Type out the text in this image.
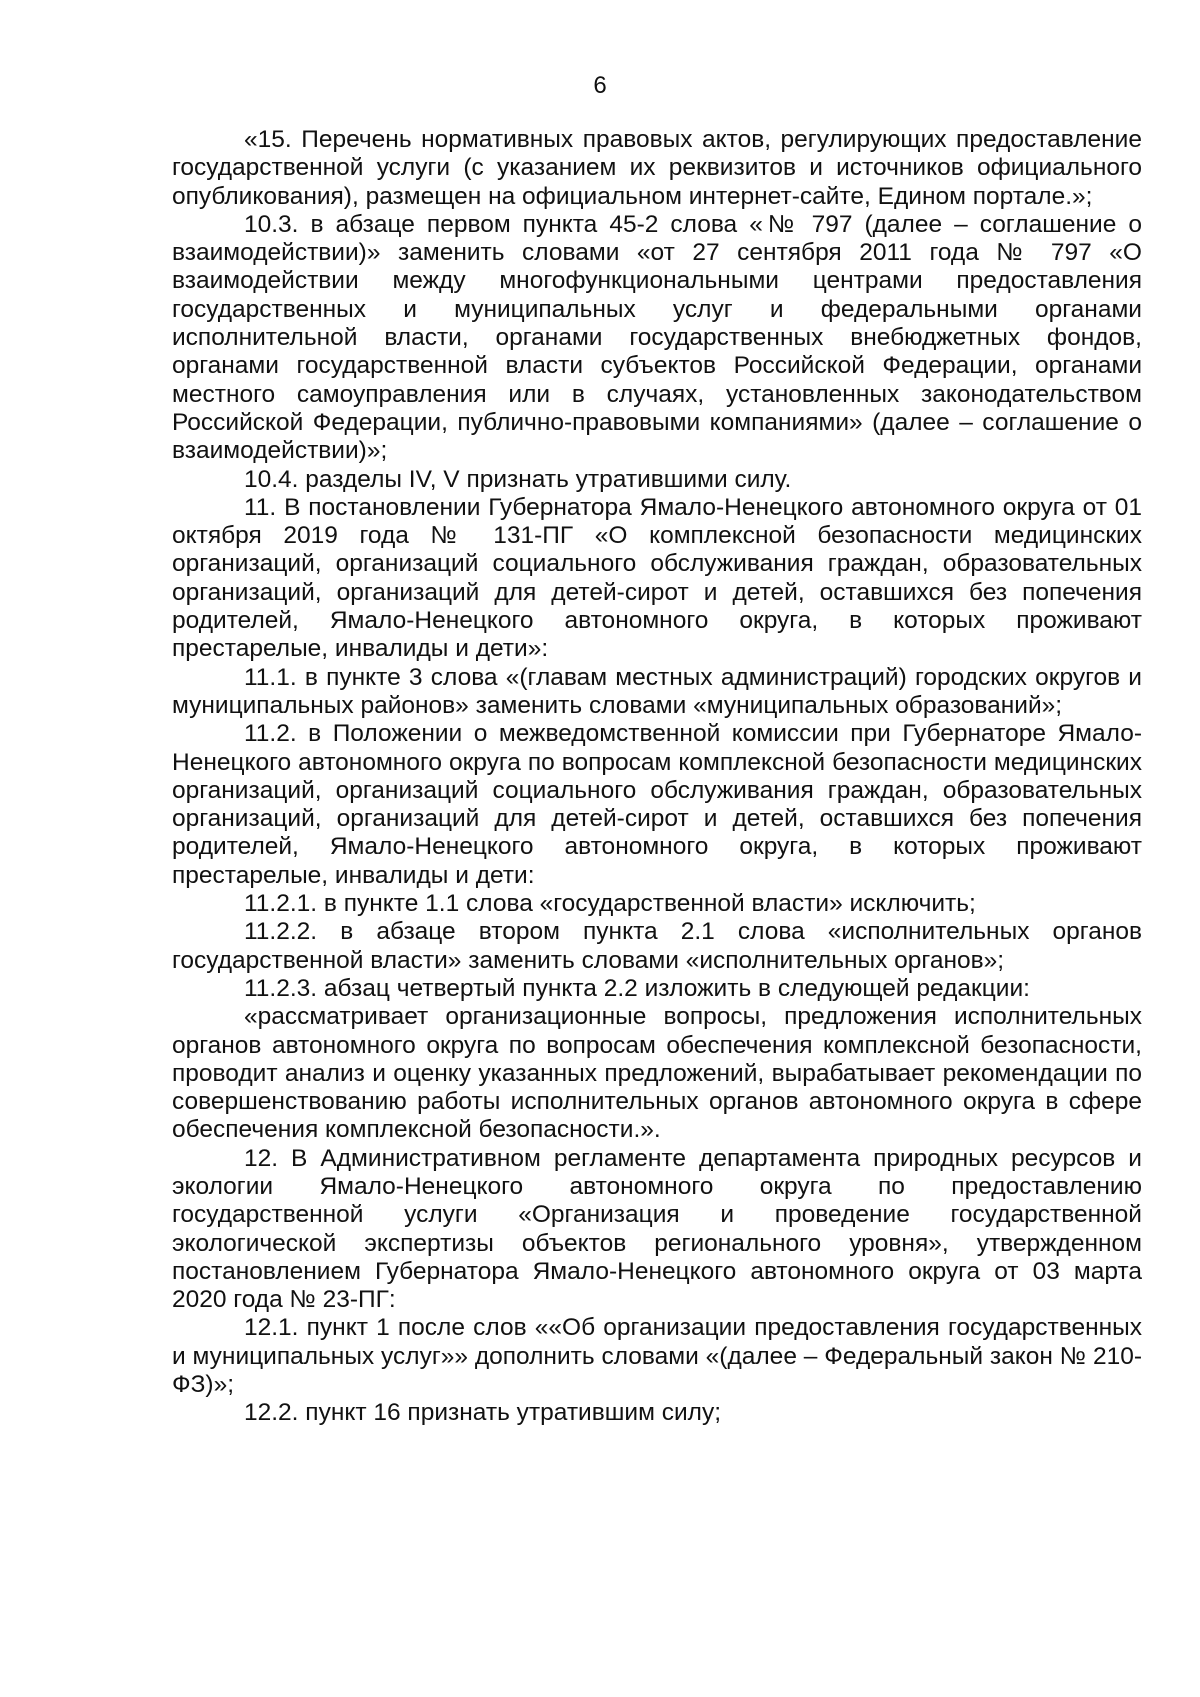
6

«15. Перечень нормативных правовых актов, регулирующих предоставление государственной услуги (с указанием их реквизитов и источников официального опубликования), размещен на официальном интернет-сайте, Едином портале.»;

10.3. в абзаце первом пункта 45-2 слова «№ 797 (далее – соглашение о взаимодействии)» заменить словами «от 27 сентября 2011 года № 797 «О взаимодействии между многофункциональными центрами предоставления государственных и муниципальных услуг и федеральными органами исполнительной власти, органами государственных внебюджетных фондов, органами государственной власти субъектов Российской Федерации, органами местного самоуправления или в случаях, установленных законодательством Российской Федерации, публично-правовыми компаниями» (далее – соглашение о взаимодействии)»;

10.4. разделы IV, V признать утратившими силу.

11. В постановлении Губернатора Ямало-Ненецкого автономного округа от 01 октября 2019 года № 131-ПГ «О комплексной безопасности медицинских организаций, организаций социального обслуживания граждан, образовательных организаций, организаций для детей-сирот и детей, оставшихся без попечения родителей, Ямало-Ненецкого автономного округа, в которых проживают престарелые, инвалиды и дети»:

11.1. в пункте 3 слова «(главам местных администраций) городских округов и муниципальных районов» заменить словами «муниципальных образований»;

11.2. в Положении о межведомственной комиссии при Губернаторе Ямало-Ненецкого автономного округа по вопросам комплексной безопасности медицинских организаций, организаций социального обслуживания граждан, образовательных организаций, организаций для детей-сирот и детей, оставшихся без попечения родителей, Ямало-Ненецкого автономного округа, в которых проживают престарелые, инвалиды и дети:

11.2.1. в пункте 1.1 слова «государственной власти» исключить;

11.2.2. в абзаце втором пункта 2.1 слова «исполнительных органов государственной власти» заменить словами «исполнительных органов»;

11.2.3. абзац четвертый пункта 2.2 изложить в следующей редакции:

«рассматривает организационные вопросы, предложения исполнительных органов автономного округа по вопросам обеспечения комплексной безопасности, проводит анализ и оценку указанных предложений, вырабатывает рекомендации по совершенствованию работы исполнительных органов автономного округа в сфере обеспечения комплексной безопасности.».

12. В Административном регламенте департамента природных ресурсов и экологии Ямало-Ненецкого автономного округа по предоставлению государственной услуги «Организация и проведение государственной экологической экспертизы объектов регионального уровня», утвержденном постановлением Губернатора Ямало-Ненецкого автономного округа от 03 марта 2020 года № 23-ПГ:

12.1. пункт 1 после слов ««Об организации предоставления государственных и муниципальных услуг»» дополнить словами «(далее – Федеральный закон № 210-ФЗ)»;

12.2. пункт 16 признать утратившим силу;
